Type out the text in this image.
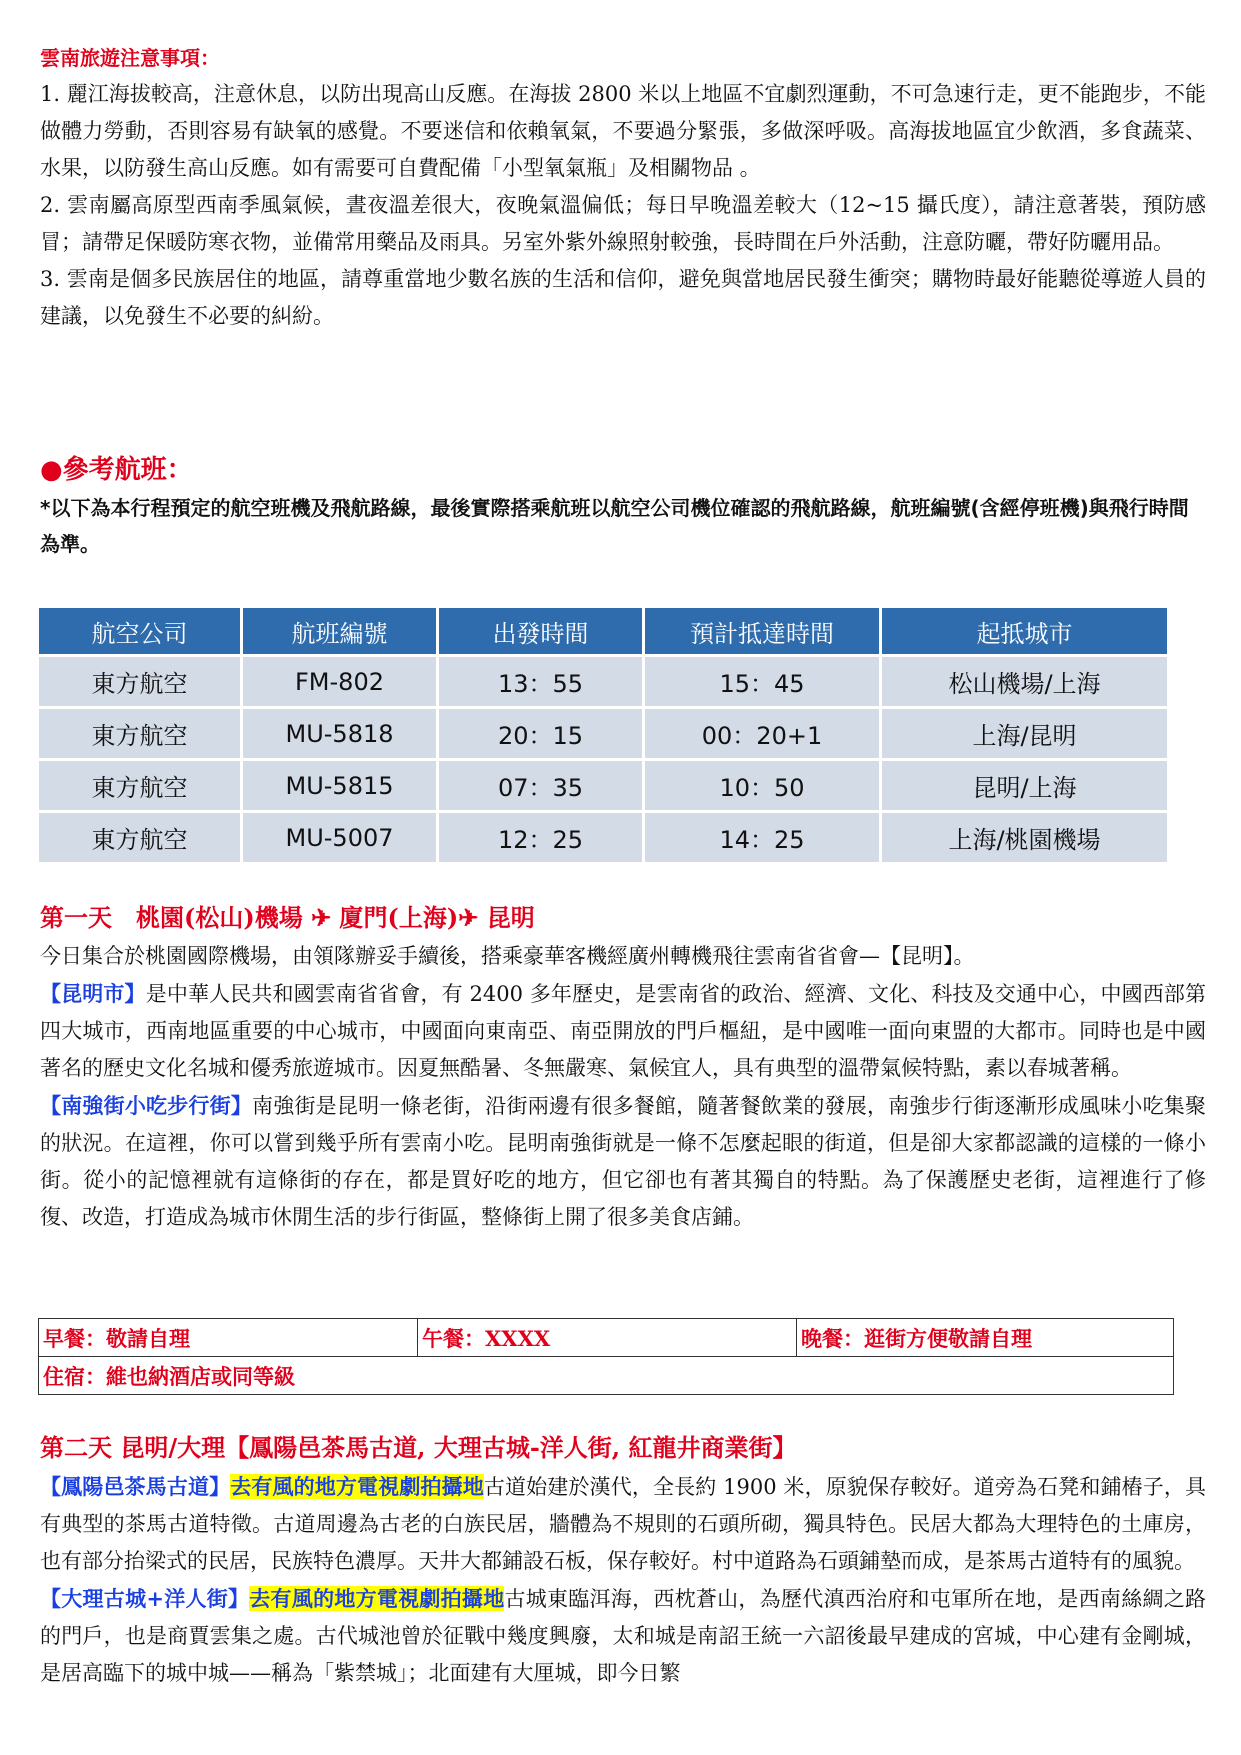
雲南旅遊注意事項：

1. 麗江海拔較高，注意休息，以防出現高山反應。在海拔 2800 米以上地區不宜劇烈運動，不可急速行走，更不能跑步，不能做體力勞動，否則容易有缺氧的感覺。不要迷信和依賴氧氣，不要過分緊張，多做深呼吸。高海拔地區宜少飲酒，多食蔬菜、水果，以防發生高山反應。如有需要可自費配備「小型氧氣瓶」及相關物品 。

2. 雲南屬高原型西南季風氣候，晝夜溫差很大，夜晚氣溫偏低；每日早晚溫差較大（12~15 攝氏度），請注意著裝，預防感冒；請帶足保暖防寒衣物，並備常用藥品及雨具。另室外紫外線照射較強，長時間在戶外活動，注意防曬，帶好防曬用品。

3. 雲南是個多民族居住的地區，請尊重當地少數名族的生活和信仰，避免與當地居民發生衝突；購物時最好能聽從導遊人員的建議，以免發生不必要的糾紛。

●參考航班：
*以下為本行程預定的航空班機及飛航路線，最後實際搭乘航班以航空公司機位確認的飛航路線，航班編號(含經停班機)與飛行時間為準。
航空公司	航班編號	出發時間	預計抵達時間	起抵城市
東方航空	FM-802	13：55	15：45	松山機場/上海
東方航空	MU-5818	20：15	00：20+1	上海/昆明
東方航空	MU-5815	07：35	10：50	昆明/上海
東方航空	MU-5007	12：25	14：25	上海/桃園機場
第一天　桃園(松山)機場 ✈ 廈門(上海)✈ 昆明

今日集合於桃園國際機場，由領隊辦妥手續後，搭乘豪華客機經廣州轉機飛往雲南省省會—【昆明】。

【昆明市】是中華人民共和國雲南省省會，有 2400 多年歷史，是雲南省的政治、經濟、文化、科技及交通中心，中國西部第四大城市，西南地區重要的中心城市，中國面向東南亞、南亞開放的門戶樞紐，是中國唯一面向東盟的大都市。同時也是中國著名的歷史文化名城和優秀旅遊城市。因夏無酷暑、冬無嚴寒、氣候宜人，具有典型的溫帶氣候特點，素以春城著稱。

【南強街小吃步行街】南強街是昆明一條老街，沿街兩邊有很多餐館，隨著餐飲業的發展，南強步行街逐漸形成風味小吃集聚的狀況。在這裡，你可以嘗到幾乎所有雲南小吃。昆明南強街就是一條不怎麼起眼的街道，但是卻大家都認識的這樣的一條小街。從小的記憶裡就有這條街的存在，都是買好吃的地方，但它卻也有著其獨自的特點。為了保護歷史老街，這裡進行了修復、改造，打造成為城市休閒生活的步行街區，整條街上開了很多美食店鋪。

早餐：敬請自理	午餐：XXXX	晚餐：逛街方便敬請自理
住宿：維也納酒店或同等級
第二天 昆明/大理【鳳陽邑茶馬古道, 大理古城-洋人街, 紅龍井商業街】

【鳳陽邑茶馬古道】去有風的地方電視劇拍攝地古道始建於漢代，全長約 1900 米，原貌保存較好。道旁為石凳和鋪樁子，具有典型的茶馬古道特徵。古道周邊為古老的白族民居，牆體為不規則的石頭所砌，獨具特色。民居大都為大理特色的土庫房，也有部分抬梁式的民居，民族特色濃厚。天井大都鋪設石板，保存較好。村中道路為石頭鋪墊而成，是茶馬古道特有的風貌。

【大理古城+洋人街】去有風的地方電視劇拍攝地古城東臨洱海，西枕蒼山，為歷代滇西治府和屯軍所在地，是西南絲綢之路的門戶，也是商賈雲集之處。古代城池曾於征戰中幾度興廢，太和城是南詔王統一六詔後最早建成的宮城，中心建有金剛城，是居高臨下的城中城——稱為「紫禁城」；北面建有大厘城，即今日繁
